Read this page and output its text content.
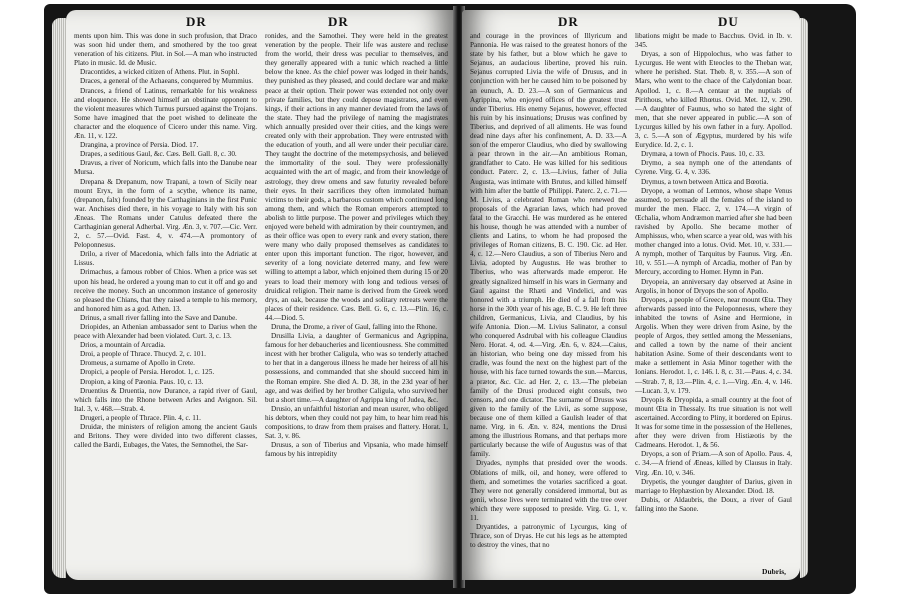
DR	DR

ments upon him. This was done in such profusion, that Draco was soon hid under them, and smothered by the too great veneration of his citizens. Plut. in Sol.—A man who instructed Plato in music. Id. de Music.

Dracontides, a wicked citizen of Athens. Plut. in Sophl.

Draces, a general of the Achaeans, conquered by Mummius.

Drances, a friend of Latinus, remarkable for his weakness and eloquence. He showed himself an obstinate opponent to the violent measures which Turnus pursued against the Trojans. Some have imagined that the poet wished to delineate the character and the eloquence of Cicero under this name. Virg. Æn. 11, v. 122.

Drangina, a province of Persia. Diod. 17.

Drapes, a seditious Gaul, &c. Cæs. Bell. Gall. 8, c. 30.

Dravus, a river of Noricum, which falls into the Danube near Mursa.

Drepana & Drepanum, now Trapani, a town of Sicily near mount Eryx, in the form of a scythe, whence its name, (drepanon, falx) founded by the Carthaginians in the first Punic war. Anchises died there, in his voyage to Italy with his son Æneas. The Romans under Catulus defeated there the Carthaginian general Adherbal. Virg. Æn. 3, v. 707.—Cic. Verr. 2, c. 57.—Ovid. Fast. 4, v. 474.—A promontory of Peloponnesus.

Drilo, a river of Macedonia, which falls into the Adriatic at Lissus.

Drimachus, a famous robber of Chios. When a price was set upon his head, he ordered a young man to cut it off and go and receive the money. Such an uncommon instance of generosity so pleased the Chians, that they raised a temple to his memory, and honored him as a god. Athen. 13.

Drinus, a small river falling into the Save and Danube.

Driopides, an Athenian ambassador sent to Darius when the peace with Alexander had been violated. Curt. 3, c. 13.

Drios, a mountain of Arcadia.

Droi, a people of Thrace. Thucyd. 2, c. 101.

Dromeus, a surname of Apollo in Crete.

Dropici, a people of Persia. Herodot. 1, c. 125.

Dropion, a king of Pæonia. Paus. 10, c. 13.

Druentius & Druentia, now Durance, a rapid river of Gaul, which falls into the Rhone between Arles and Avignon. Sil. Ital. 3, v. 468.—Strab. 4.

Drugeri, a people of Thrace. Plin. 4, c. 11.

Druidæ, the ministers of religion among the ancient Gauls and Britons. They were divided into two different classes, called the Bardi, Eubages, the Vates, the Semnothei, the Sar-

ronides, and the Samothei. They were held in the greatest veneration by the people. Their life was austere and recluse from the world, their dress was peculiar to themselves, and they generally appeared with a tunic which reached a little below the knee. As the chief power was lodged in their hands, they punished as they pleased, and could declare war and make peace at their option. Their power was extended not only over private families, but they could depose magistrates, and even kings, if their actions in any manner deviated from the laws of the state. They had the privilege of naming the magistrates which annually presided over their cities, and the kings were created only with their approbation. They were entrusted with the education of youth, and all were under their peculiar care. They taught the doctrine of the metempsychosis, and believed the immortality of the soul. They were professionally acquainted with the art of magic, and from their knowledge of astrology, they drew omens and saw futurity revealed before their eyes. In their sacrifices they often immolated human victims to their gods, a barbarous custom which continued long among them, and which the Roman emperors attempted to abolish to little purpose. The power and privileges which they enjoyed were beheld with admiration by their countrymen, and as their office was open to every rank and every station, there were many who daily proposed themselves as candidates to enter upon this important function. The rigor, however, and severity of a long noviciate deterred many, and few were willing to attempt a labor, which enjoined them during 15 or 20 years to load their memory with long and tedious verses of druidical religion. Their name is derived from the Greek word drys, an oak, because the woods and solitary retreats were the places of their residence. Cæs. Bell. G. 6, c. 13.—Plin. 16, c. 44.—Diod. 5.

Druna, the Drome, a river of Gaul, falling into the Rhone.

Drusilla Livia, a daughter of Germanicus and Agrippina, famous for her debaucheries and licentiousness. She committed incest with her brother Caligula, who was so tenderly attached to her that in a dangerous illness he made her heiress of all his possessions, and commanded that she should succeed him in the Roman empire. She died A. D. 38, in the 23d year of her age, and was deified by her brother Caligula, who survived her but a short time.—A daughter of Agrippa king of Judea, &c.

Drusio, an unfaithful historian and mean usurer, who obliged his debtors, when they could not pay him, to hear him read his compositions, to draw from them praises and flattery. Horat. 1, Sat. 3, v. 86.

Drusus, a son of Tiberius and Vipsania, who made himself famous by his intrepidity

DR	DU

and courage in the provinces of Illyricum and Pannonia. He was raised to the greatest honors of the state by his father, but a blow which he gave to Sejanus, an audacious libertine, proved his ruin. Sejanus corrupted Livia the wife of Drusus, and in conjunction with her he caused him to be poisoned by an eunuch, A. D. 23.—A son of Germanicus and Agrippina, who enjoyed offices of the greatest trust under Tiberius. His enemy Sejanus, however, effected his ruin by his insinuations; Drusus was confined by Tiberius, and deprived of all aliments. He was found dead nine days after his confinement, A. D. 33.—A son of the emperor Claudius, who died by swallowing a pear thrown in the air.—An ambitious Roman, grandfather to Cato. He was killed for his seditious conduct. Paterc. 2, c. 13.—Livius, father of Julia Augusta, was intimate with Brutus, and killed himself with him after the battle of Philippi. Paterc. 2, c. 71.—M. Livius, a celebrated Roman who renewed the proposals of the Agrarian laws, which had proved fatal to the Gracchi. He was murdered as he entered his house, though he was attended with a number of clients and Latins, to whom he had proposed the privileges of Roman citizens, B. C. 190. Cic. ad Her. 4, c. 12.—Nero Claudius, a son of Tiberius Nero and Livia, adopted by Augustus. He was brother to Tiberius, who was afterwards made emperor. He greatly signalized himself in his wars in Germany and Gaul against the Rhæti and Vindelici, and was honored with a triumph. He died of a fall from his horse in the 30th year of his age, B. C. 9. He left three children, Germanicus, Livia, and Claudius, by his wife Antonia. Dion.—M. Livius Salinator, a consul who conquered Asdrubal with his colleague Claudius Nero. Horat. 4, od. 4.—Virg. Æn. 6, v. 824.—Caius, an historian, who being one day missed from his cradle, was found the next on the highest part of the house, with his face turned towards the sun.—Marcus, a prætor, &c. Cic. ad Her. 2, c. 13.—The plebeian family of the Drusi produced eight consuls, two censors, and one dictator. The surname of Drusus was given to the family of the Livii, as some suppose, because one of them killed a Gaulish leader of that name. Virg. in 6. Æn. v. 824, mentions the Drusi among the illustrious Romans, and that perhaps more particularly because the wife of Augustus was of that family.

Dryades, nymphs that presided over the woods. Oblations of milk, oil, and honey, were offered to them, and sometimes the votaries sacrificed a goat. They were not generally considered immortal, but as genii, whose lives were terminated with the tree over which they were supposed to preside. Virg. G. 1, v. 11.

Dryantides, a patronymic of Lycurgus, king of Thrace, son of Dryas. He cut his legs as he attempted to destroy the vines, that no

libations might be made to Bacchus. Ovid. in Ib. v. 345.

Dryas, a son of Hippolochus, who was father to Lycurgus. He went with Eteocles to the Theban war, where he perished. Stat. Theb. 8, v. 355.—A son of Mars, who went to the chace of the Calydonian boar. Apollod. 1, c. 8.—A centaur at the nuptials of Pirithous, who killed Rhœtus. Ovid. Met. 12, v. 290.—A daughter of Faunus, who so hated the sight of men, that she never appeared in public.—A son of Lycurgus killed by his own father in a fury. Apollod. 3, c. 5.—A son of Ægyptus, murdered by his wife Eurydice. Id. 2, c. 1.

Drymæa, a town of Phocis. Paus. 10, c. 33.

Drymo, a sea nymph one of the attendants of Cyrene. Virg. G. 4, v. 336.

Drymus, a town between Attica and Bœotia.

Dryope, a woman of Lemnos, whose shape Venus assumed, to persuade all the females of the island to murder the men. Flacc. 2, v. 174.—A virgin of Œchalia, whom Andræmon married after she had been ravished by Apollo. She became mother of Amphissus, who, when scarce a year old, was with his mother changed into a lotus. Ovid. Met. 10, v. 331.—A nymph, mother of Tarquitus by Faunus. Virg. Æn. 10, v. 551.—A nymph of Arcadia, mother of Pan by Mercury, according to Homer. Hymn in Pan.

Dryopeia, an anniversary day observed at Asine in Argolis, in honor of Dryops the son of Apollo.

Dryopes, a people of Greece, near mount Œta. They afterwards passed into the Peloponnesus, where they inhabited the towns of Asine and Hermione, in Argolis. When they were driven from Asine, by the people of Argos, they settled among the Messenians, and called a town by the name of their ancient habitation Asine. Some of their descendants went to make a settlement in Asia Minor together with the Ionians. Herodot. 1, c. 146. l. 8, c. 31.—Paus. 4, c. 34.—Strab. 7, 8, 13.—Plin. 4, c. 1.—Virg. Æn. 4, v. 146.—Lucan. 3, v. 179.

Dryopis & Dryopida, a small country at the foot of mount Œta in Thessaly. Its true situation is not well ascertained. According to Pliny, it bordered on Epirus. It was for some time in the possession of the Hellenes, after they were driven from Histiæotis by the Cadmeans. Herodot. 1, & 56.

Dryops, a son of Priam.—A son of Apollo. Paus. 4, c. 34.—A friend of Æneas, killed by Clausus in Italy. Virg. Æn. 10, v. 346.

Drypetis, the younger daughter of Darius, given in marriage to Hephæstion by Alexander. Diod. 18.

Dubis, or Aldaubris, the Doux, a river of Gaul falling into the Saone.

Dubris,
